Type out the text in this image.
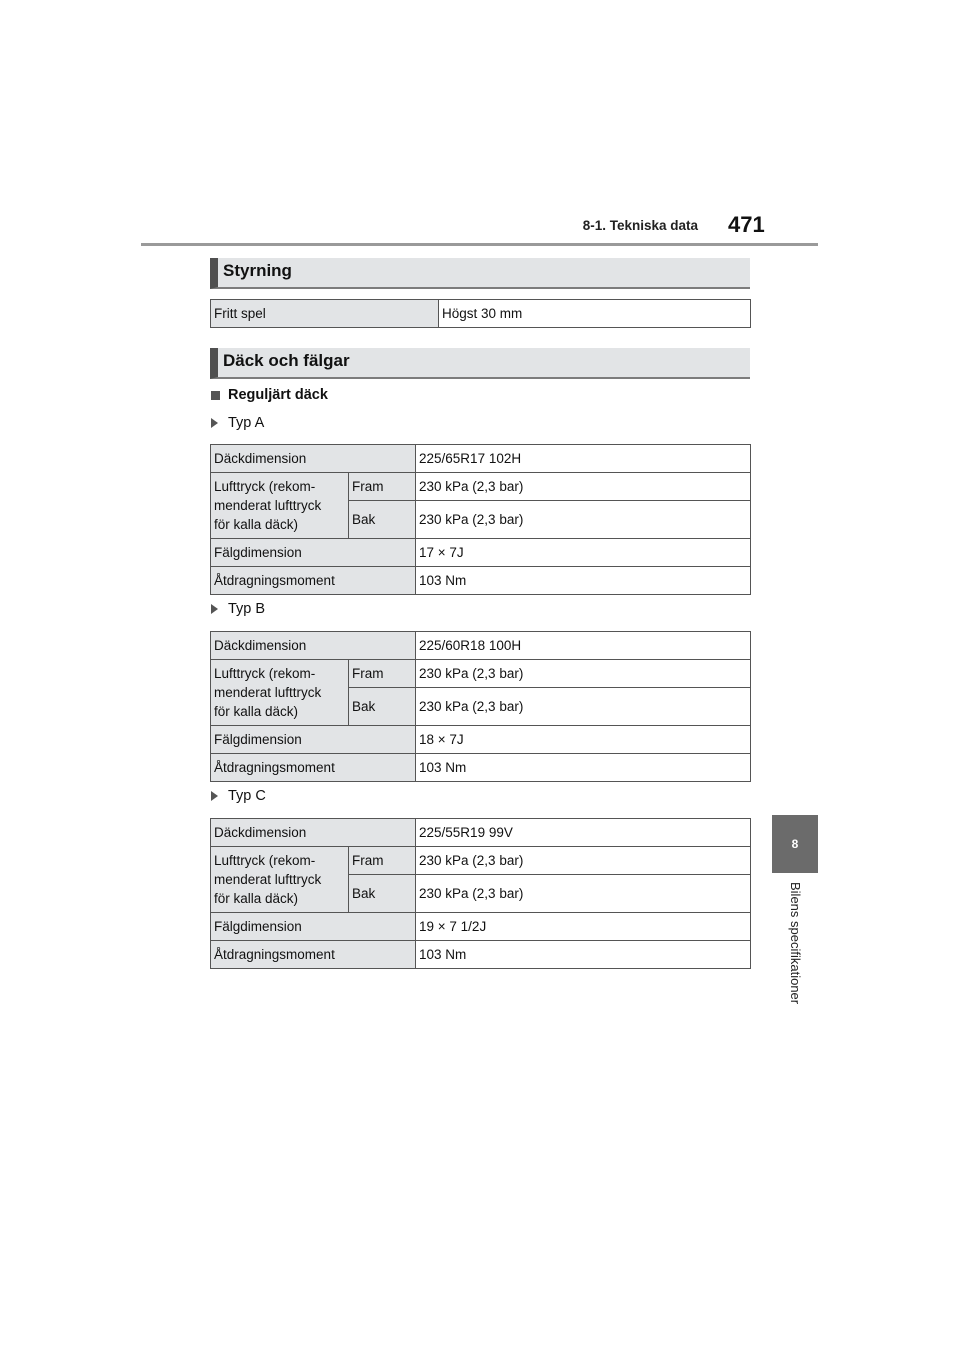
8-1. Tekniska data 471
8
Bilens specifikationer
Styrning
Fritt spel	Högst 30 mm
Däck och fälgar
Reguljärt däck
Typ A
Däckdimension		225/65R17 102H

Lufttryck (rekom-
menderat lufttryck
för kalla däck)	Fram	230 kPa (2,3 bar)
	Bak	230 kPa (2,3 bar)
Fälgdimension		17 × 7J
Åtdragningsmoment		103 Nm
Typ B
Däckdimension		225/60R18 100H

Lufttryck (rekom-
menderat lufttryck
för kalla däck)	Fram	230 kPa (2,3 bar)
	Bak	230 kPa (2,3 bar)
Fälgdimension		18 × 7J
Åtdragningsmoment		103 Nm
Typ C
Däckdimension		225/55R19 99V

Lufttryck (rekom-
menderat lufttryck
för kalla däck)	Fram	230 kPa (2,3 bar)
	Bak	230 kPa (2,3 bar)
Fälgdimension		19 × 7 1/2J
Åtdragningsmoment		103 Nm
